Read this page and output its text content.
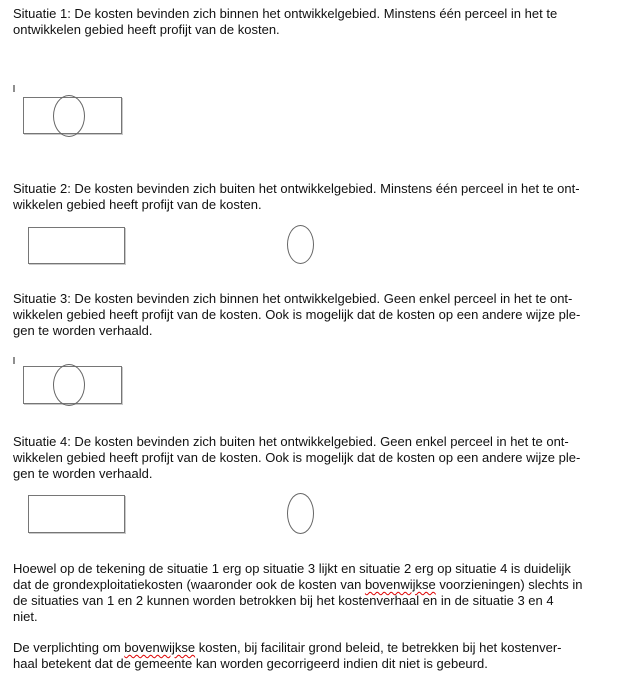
Situatie 1: De kosten bevinden zich binnen het ontwikkelgebied. Minstens één perceel in het te
ontwikkelen gebied heeft profijt van de kosten.
Situatie 2: De kosten bevinden zich buiten het ontwikkelgebied. Minstens één perceel in het te ont-
wikkelen gebied heeft profijt van de kosten.
Situatie 3: De kosten bevinden zich binnen het ontwikkelgebied. Geen enkel perceel in het te ont-
wikkelen gebied heeft profijt van de kosten. Ook is mogelijk dat de kosten op een andere wijze ple-
gen te worden verhaald.
Situatie 4: De kosten bevinden zich buiten het ontwikkelgebied. Geen enkel perceel in het te ont-
wikkelen gebied heeft profijt van de kosten. Ook is mogelijk dat de kosten op een andere wijze ple-
gen te worden verhaald.
Hoewel op de tekening de situatie 1 erg op situatie 3 lijkt en situatie 2 erg op situatie 4 is duidelijk
dat de grondexploitatiekosten (waaronder ook de kosten van bovenwijkse voorzieningen) slechts in
de situaties van 1 en 2 kunnen worden betrokken bij het kostenverhaal en in de situatie 3 en 4
niet.
De verplichting om bovenwijkse kosten, bij facilitair grond beleid, te betrekken bij het kostenver-
haal betekent dat de gemeente kan worden gecorrigeerd indien dit niet is gebeurd.
